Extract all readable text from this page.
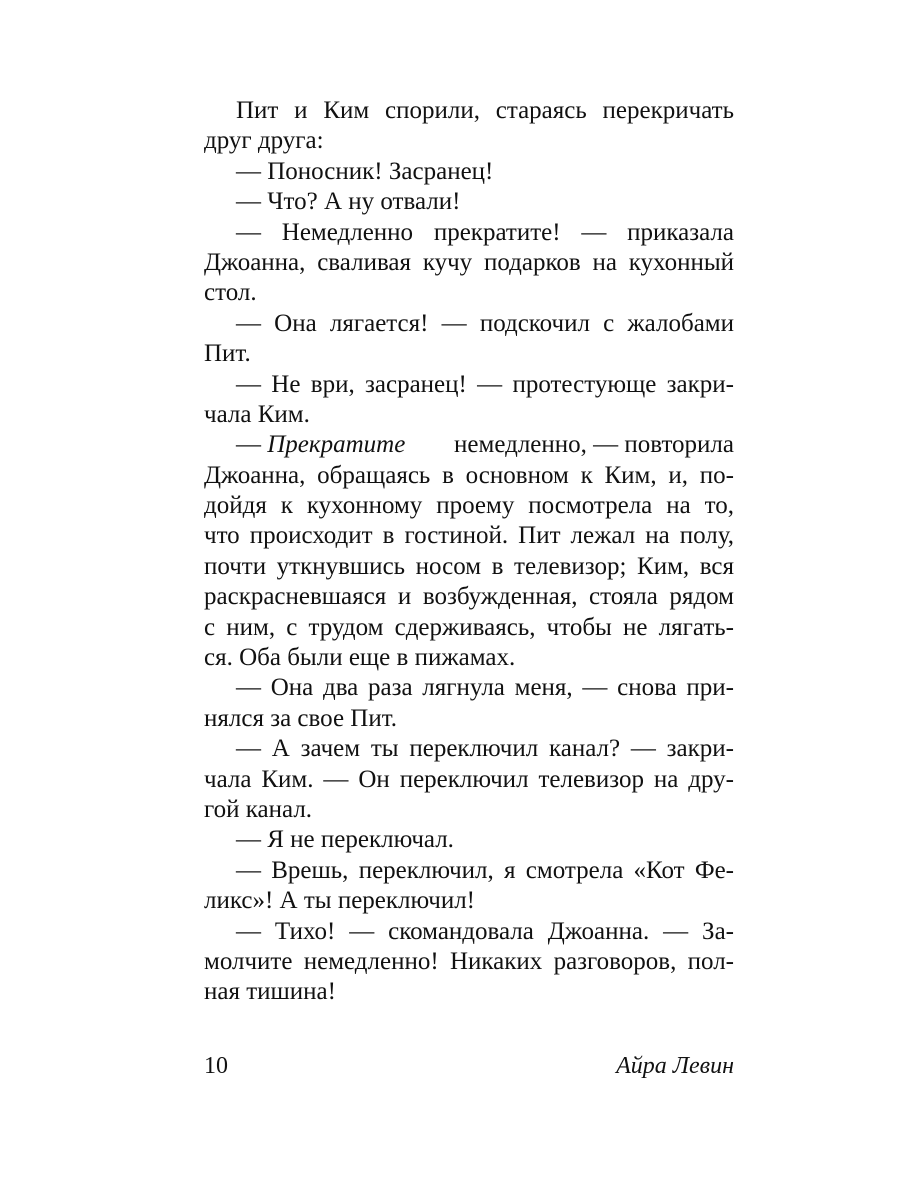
Пит и Ким спорили, стараясь перекричать
друг друга:
— Поносник! Засранец!
— Что? А ну отвали!
— Немедленно прекратите! — приказала
Джоанна, сваливая кучу подарков на кухонный
стол.
— Она лягается! — подскочил с жалобами
Пит.
— Не ври, засранец! — протестующе закри-
чала Ким.
— Прекратите немедленно, — повторила
Джоанна, обращаясь в основном к Ким, и, по-
дойдя к кухонному проему посмотрела на то,
что происходит в гостиной. Пит лежал на полу,
почти уткнувшись носом в телевизор; Ким, вся
раскрасневшаяся и возбужденная, стояла рядом
с ним, с трудом сдерживаясь, чтобы не лягать-
ся. Оба были еще в пижамах.
— Она два раза лягнула меня, — снова при-
нялся за свое Пит.
— А зачем ты переключил канал? — закри-
чала Ким. — Он переключил телевизор на дру-
гой канал.
— Я не переключал.
— Врешь, переключил, я смотрела «Кот Фе-
ликс»! А ты переключил!
— Тихо! — скомандовала Джоанна. — За-
молчите немедленно! Никаких разговоров, пол-
ная тишина!
10	Айра Левин
